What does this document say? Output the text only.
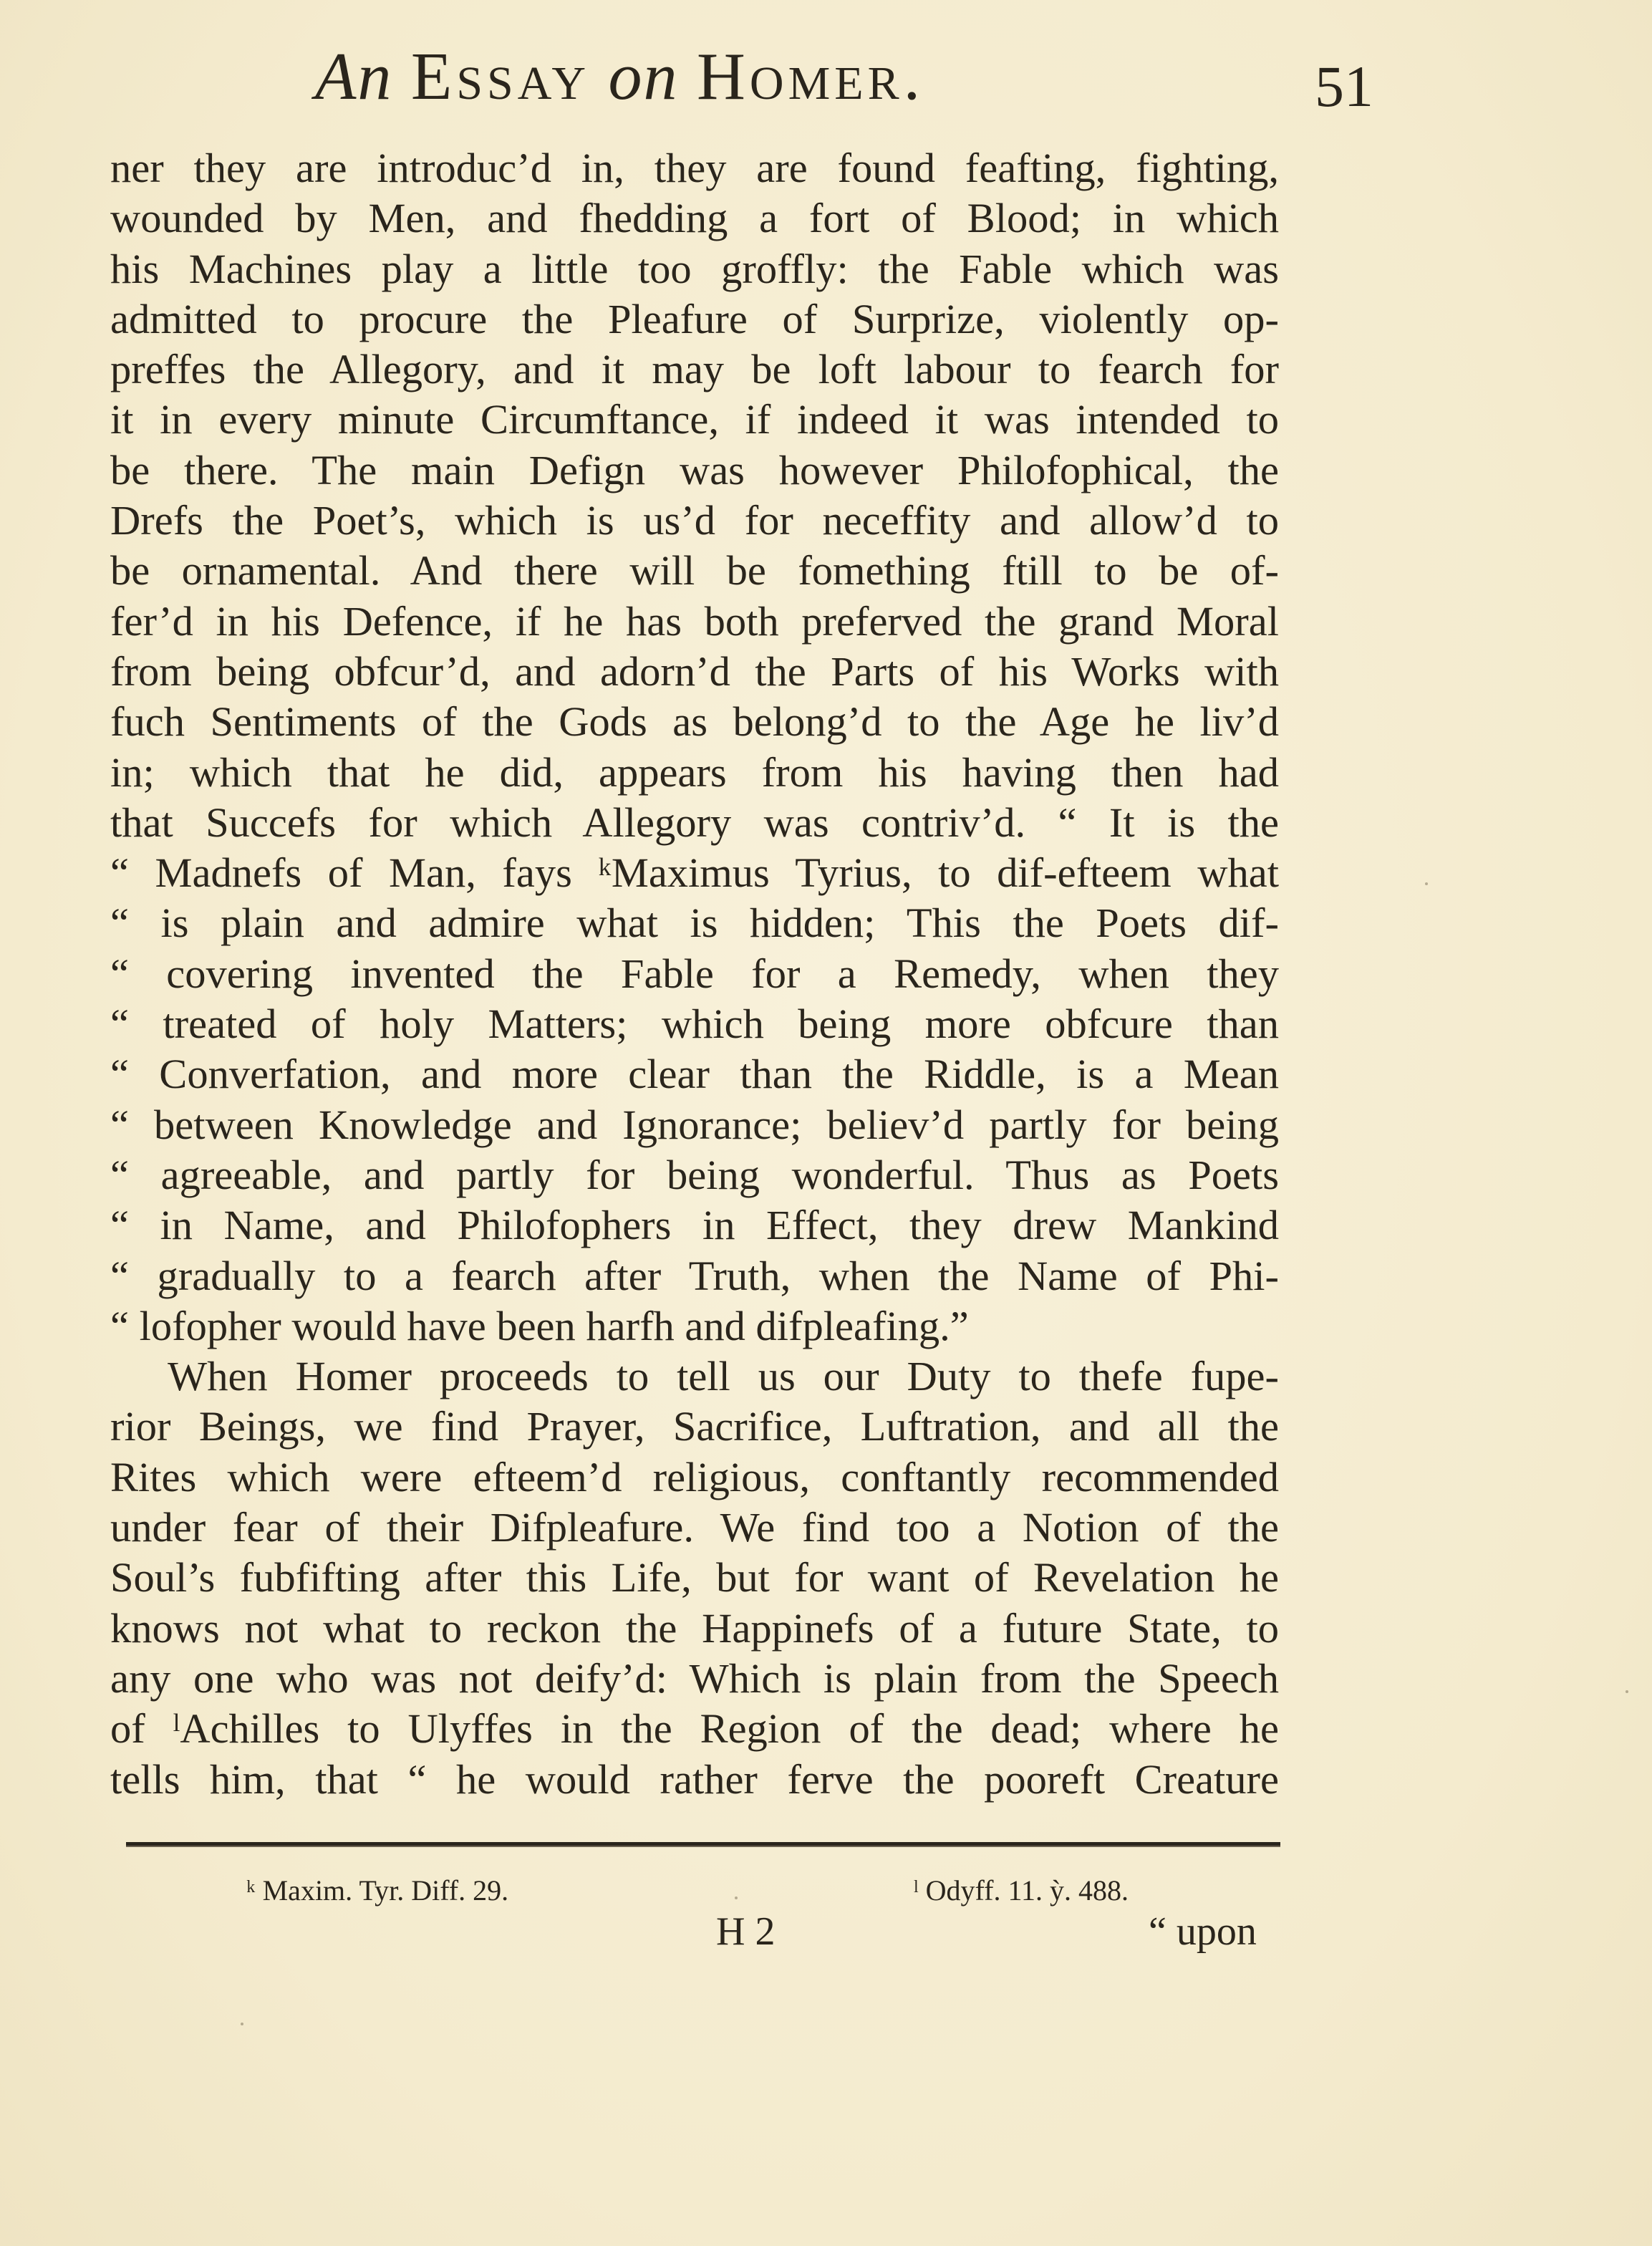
An Essay on Homer.	51
ner they are introduc’d in, they are found feafting, fighting,
wounded by Men, and fhedding a fort of Blood; in which
his Machines play a little too groffly: the Fable which was
admitted to procure the Pleafure of Surprize, violently op-
preffes the Allegory, and it may be loft labour to fearch for
it in every minute Circumftance, if indeed it was intended to
be there. The main Defign was however Philofophical, the
Drefs the Poet’s, which is us’d for neceffity and allow’d to
be ornamental. And there will be fomething ftill to be of-
fer’d in his Defence, if he has both preferved the grand Moral
from being obfcur’d, and adorn’d the Parts of his Works with
fuch Sentiments of the Gods as belong’d to the Age he liv’d
in; which that he did, appears from his having then had
that Succefs for which Allegory was contriv’d. “ It is the
“ Madnefs of Man, fays ᵏMaximus Tyrius, to dif-efteem what
“ is plain and admire what is hidden; This the Poets dif-
“ covering invented the Fable for a Remedy, when they
“ treated of holy Matters; which being more obfcure than
“ Converfation, and more clear than the Riddle, is a Mean
“ between Knowledge and Ignorance; believ’d partly for being
“ agreeable, and partly for being wonderful. Thus as Poets
“ in Name, and Philofophers in Effect, they drew Mankind
“ gradually to a fearch after Truth, when the Name of Phi-
“ lofopher would have been harfh and difpleafing.”
When Homer proceeds to tell us our Duty to thefe fupe-
rior Beings, we find Prayer, Sacrifice, Luftration, and all the
Rites which were efteem’d religious, conftantly recommended
under fear of their Difpleafure. We find too a Notion of the
Soul’s fubfifting after this Life, but for want of Revelation he
knows not what to reckon the Happinefs of a future State, to
any one who was not deify’d: Which is plain from the Speech
of ˡAchilles to Ulyffes in the Region of the dead; where he
tells him, that “ he would rather ferve the pooreft Creature
ᵏ Maxim. Tyr. Diff. 29.	ˡ Odyff. 11. ỳ. 488.
H 2	“ upon
